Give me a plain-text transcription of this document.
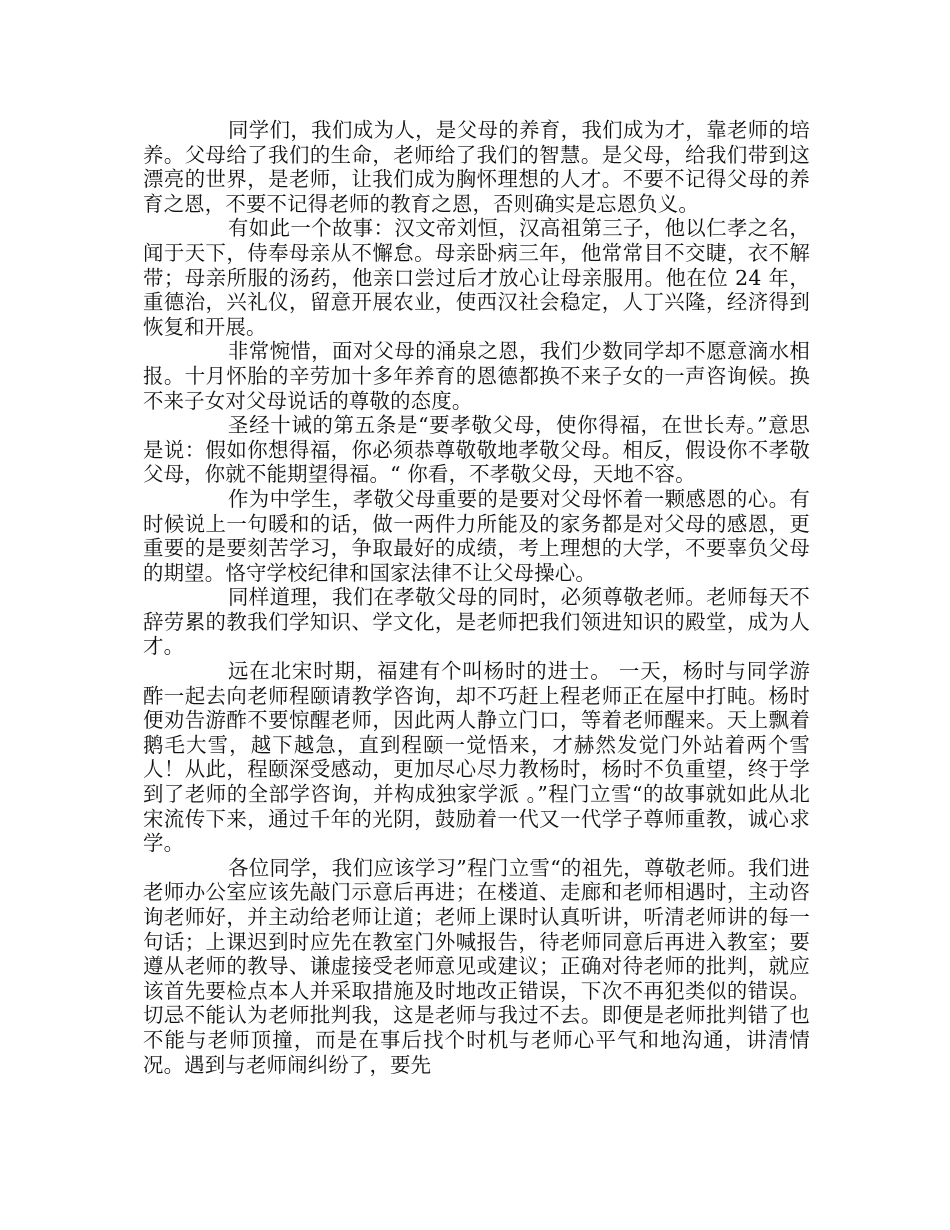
同学们，我们成为人，是父母的养育，我们成为才，靠老师的培养。父母给了我们的生命，老师给了我们的智慧。是父母，给我们带到这漂亮的世界，是老师，让我们成为胸怀理想的人才。不要不记得父母的养育之恩，不要不记得老师的教育之恩，否则确实是忘恩负义。

有如此一个故事：汉文帝刘恒，汉高祖第三子，他以仁孝之名，闻于天下，侍奉母亲从不懈怠。母亲卧病三年，他常常目不交睫，衣不解带；母亲所服的汤药，他亲口尝过后才放心让母亲服用。他在位 24 年，重德治，兴礼仪，留意开展农业，使西汉社会稳定，人丁兴隆，经济得到恢复和开展。

非常惋惜，面对父母的涌泉之恩，我们少数同学却不愿意滴水相报。十月怀胎的辛劳加十多年养育的恩德都换不来子女的一声咨询候。换不来子女对父母说话的尊敬的态度。

圣经十诫的第五条是“要孝敬父母，使你得福，在世长寿。”意思是说：假如你想得福，你必须恭尊敬敬地孝敬父母。相反，假设你不孝敬父母，你就不能期望得福。“ 你看，不孝敬父母，天地不容。

作为中学生，孝敬父母重要的是要对父母怀着一颗感恩的心。有时候说上一句暖和的话，做一两件力所能及的家务都是对父母的感恩，更重要的是要刻苦学习，争取最好的成绩，考上理想的大学，不要辜负父母的期望。恪守学校纪律和国家法律不让父母操心。

同样道理，我们在孝敬父母的同时，必须尊敬老师。老师每天不辞劳累的教我们学知识、学文化，是老师把我们领进知识的殿堂，成为人才。

远在北宋时期，福建有个叫杨时的进士。 一天，杨时与同学游酢一起去向老师程颐请教学咨询，却不巧赶上程老师正在屋中打盹。杨时便劝告游酢不要惊醒老师，因此两人静立门口，等着老师醒来。天上飘着鹅毛大雪，越下越急，直到程颐一觉悟来，才赫然发觉门外站着两个雪人！从此，程颐深受感动，更加尽心尽力教杨时，杨时不负重望，终于学到了老师的全部学咨询，并构成独家学派 。”程门立雪“的故事就如此从北宋流传下来，通过千年的光阴，鼓励着一代又一代学子尊师重教，诚心求学。

各位同学，我们应该学习”程门立雪“的祖先，尊敬老师。我们进老师办公室应该先敲门示意后再进；在楼道、走廊和老师相遇时，主动咨询老师好，并主动给老师让道；老师上课时认真听讲，听清老师讲的每一句话；上课迟到时应先在教室门外喊报告，待老师同意后再进入教室；要遵从老师的教导、谦虚接受老师意见或建议；正确对待老师的批判，就应该首先要检点本人并采取措施及时地改正错误，下次不再犯类似的错误。切忌不能认为老师批判我，这是老师与我过不去。即便是老师批判错了也不能与老师顶撞，而是在事后找个时机与老师心平气和地沟通，讲清情况。遇到与老师闹纠纷了，要先
